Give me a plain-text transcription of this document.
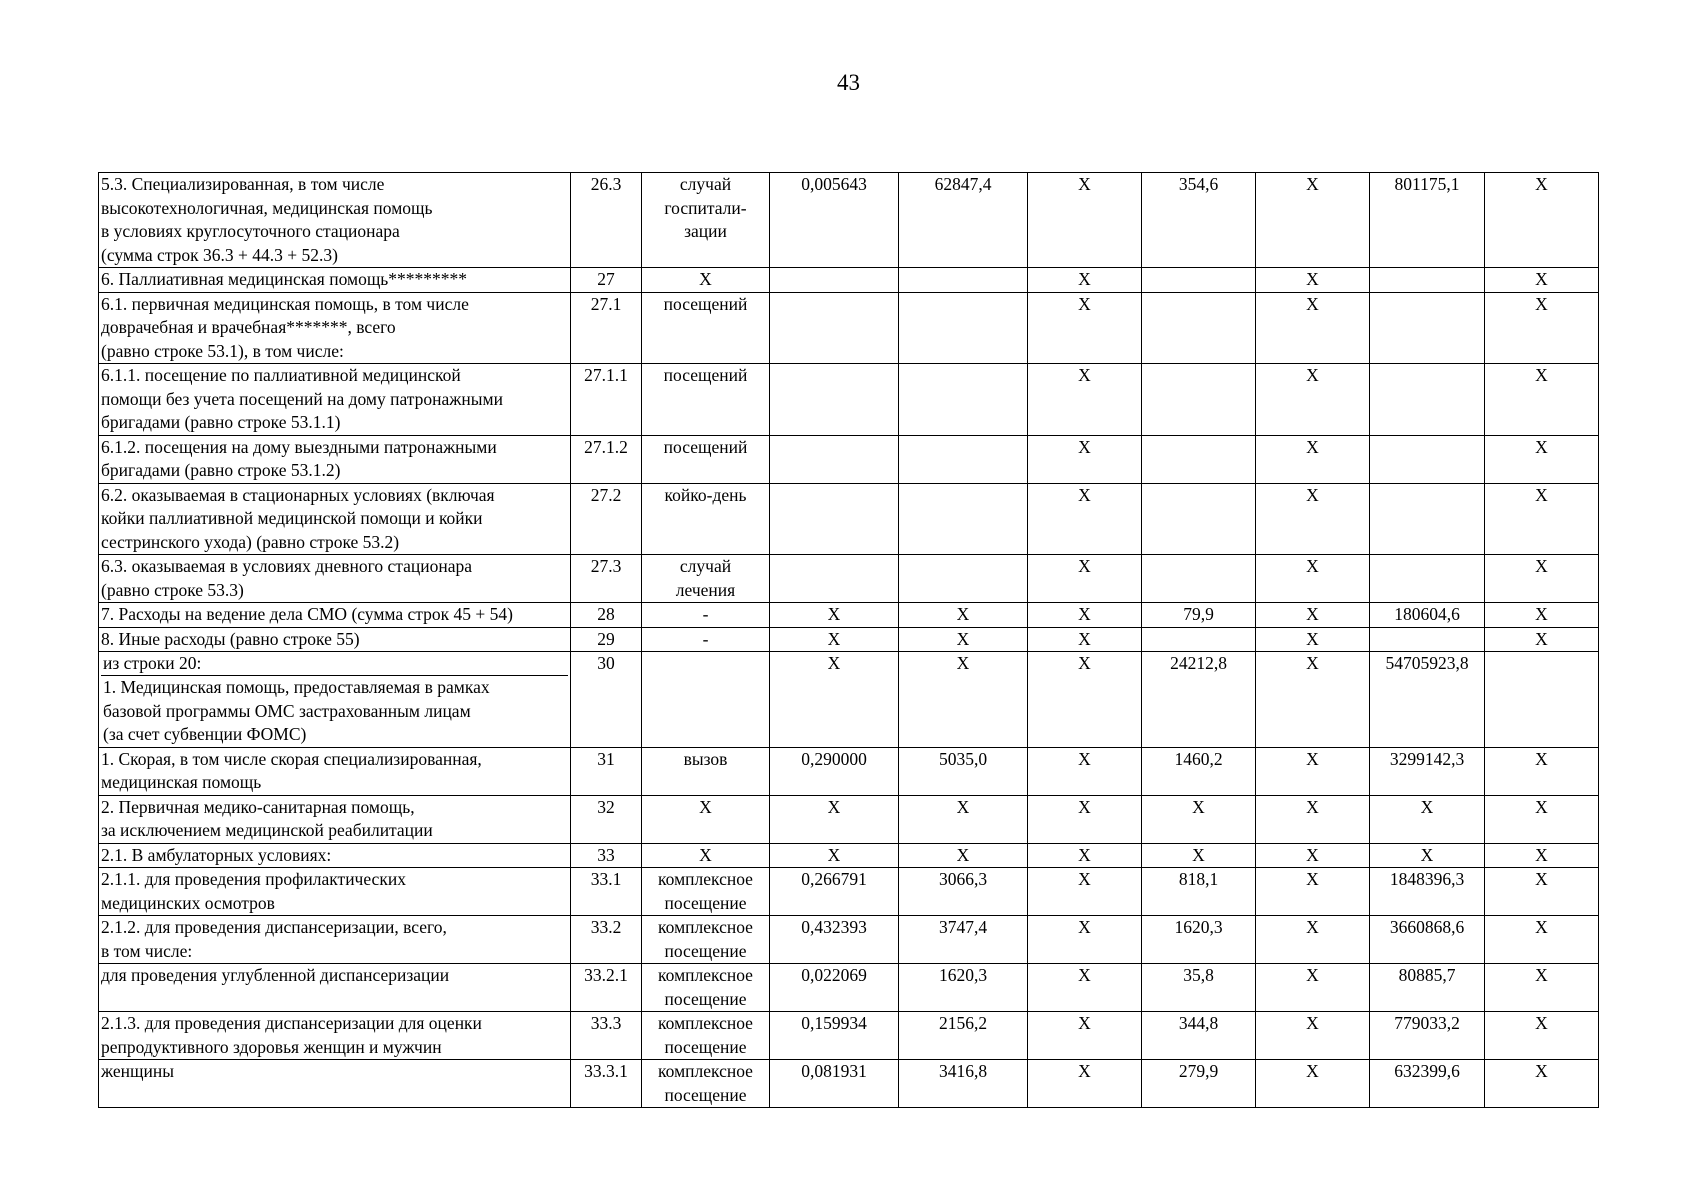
43
5.3. Специализированная, в том числе
высокотехнологичная, медицинская помощь
в условиях круглосуточного стационара
(сумма строк 36.3 + 44.3 + 52.3)	26.3	случай
госпитали-
зации	0,005643	62847,4	Х	354,6	Х	801175,1	Х
6. Паллиативная медицинская помощь*********	27	Х			Х		Х		Х
6.1. первичная медицинская помощь, в том числе
доврачебная и врачебная*******, всего
(равно строке 53.1), в том числе:	27.1	посещений			Х		Х		Х
6.1.1. посещение по паллиативной медицинской
помощи без учета посещений на дому патронажными
бригадами (равно строке 53.1.1)	27.1.1	посещений			Х		Х		Х
6.1.2. посещения на дому выездными патронажными
бригадами (равно строке 53.1.2)	27.1.2	посещений			Х		Х		Х
6.2. оказываемая в стационарных условиях (включая
койки паллиативной медицинской помощи и койки
сестринского ухода) (равно строке 53.2)	27.2	койко-день			Х		Х		Х
6.3. оказываемая в условиях дневного стационара
(равно строке 53.3)	27.3	случай
лечения			Х		Х		Х
7. Расходы на ведение дела СМО (сумма строк 45 + 54)	28	-	Х	Х	Х	79,9	Х	180604,6	Х
8. Иные расходы (равно строке 55)	29	-	Х	Х	Х		Х		Х

из строки 20:
1. Медицинская помощь, предоставляемая в рамках
базовой программы ОМС застрахованным лицам
(за счет субвенции ФОМС)	30		Х	Х	Х	24212,8	Х	54705923,8	
1. Скорая, в том числе скорая специализированная,
медицинская помощь	31	вызов	0,290000	5035,0	Х	1460,2	Х	3299142,3	Х
2. Первичная медико-санитарная помощь,
за исключением медицинской реабилитации	32	Х	Х	Х	Х	Х	Х	Х	Х
2.1. В амбулаторных условиях:	33	Х	Х	Х	Х	Х	Х	Х	Х
2.1.1. для проведения профилактических
медицинских осмотров	33.1	комплексное
посещение	0,266791	3066,3	Х	818,1	Х	1848396,3	Х
2.1.2. для проведения диспансеризации, всего,
в том числе:	33.2	комплексное
посещение	0,432393	3747,4	Х	1620,3	Х	3660868,6	Х
для проведения углубленной диспансеризации	33.2.1	комплексное
посещение	0,022069	1620,3	Х	35,8	Х	80885,7	Х
2.1.3. для проведения диспансеризации для оценки
репродуктивного здоровья женщин и мужчин	33.3	комплексное
посещение	0,159934	2156,2	Х	344,8	Х	779033,2	Х
женщины	33.3.1	комплексное
посещение	0,081931	3416,8	Х	279,9	Х	632399,6	Х
